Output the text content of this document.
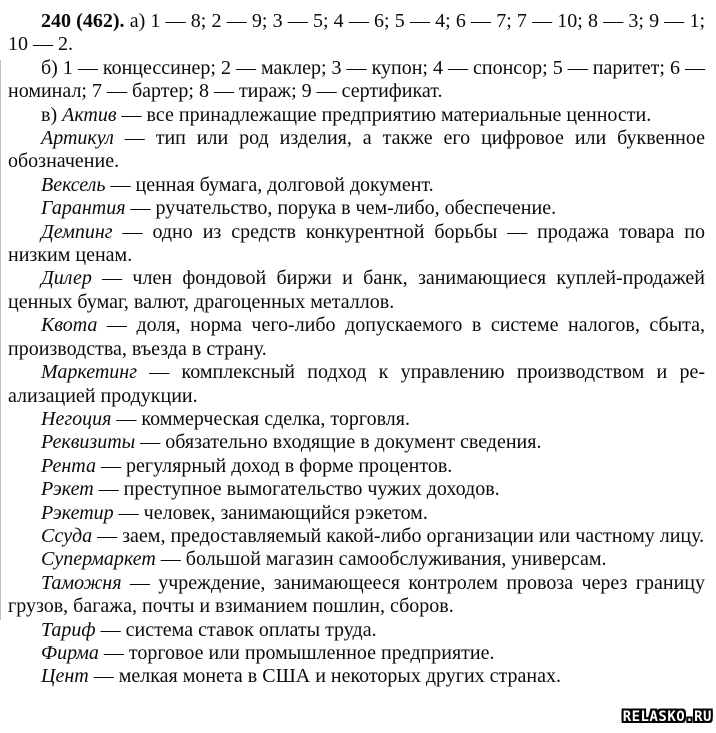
240 (462). а) 1 — 8; 2 — 9; 3 — 5; 4 — 6; 5 — 4; 6 — 7; 7 — 10; 8 — 3; 9 — 1; 10 — 2.

б) 1 — концессинер; 2 — маклер; 3 — купон; 4 — спонсор; 5 — паритет; 6 — номинал; 7 — бартер; 8 — тираж; 9 — сертификат.

в) Актив — все принадлежащие предприятию материальные ценности.

Артикул — тип или род изделия, а также его цифровое или буквенное обозначение.

Вексель — ценная бумага, долговой документ.

Гарантия — ручательство, порука в чем-либо, обеспечение.

Демпинг — одно из средств конкурентной борьбы — продажа товара по низким ценам.

Дилер — член фондовой биржи и банк, занимающиеся куплей-продажей ценных бумаг, валют, драгоценных металлов.

Квота — доля, норма чего-либо допускаемого в системе налогов, сбыта, производства, въезда в страну.

Маркетинг — комплексный подход к управлению производством и реализацией продукции.

Негоция — коммерческая сделка, торговля.

Реквизиты — обязательно входящие в документ сведения.

Рента — регулярный доход в форме процентов.

Рэкет — преступное вымогательство чужих доходов.

Рэкетир — человек, занимающийся рэкетом.

Ссуда — заем, предоставляемый какой-либо организации или частному лицу.

Супермаркет — большой магазин самообслуживания, универсам.

Таможня — учреждение, занимающееся контролем провоза через границу грузов, багажа, почты и взиманием пошлин, сборов.

Тариф — система ставок оплаты труда.

Фирма — торговое или промышленное предприятие.

Цент — мелкая монета в США и некоторых других странах.

RELASKO.RU
